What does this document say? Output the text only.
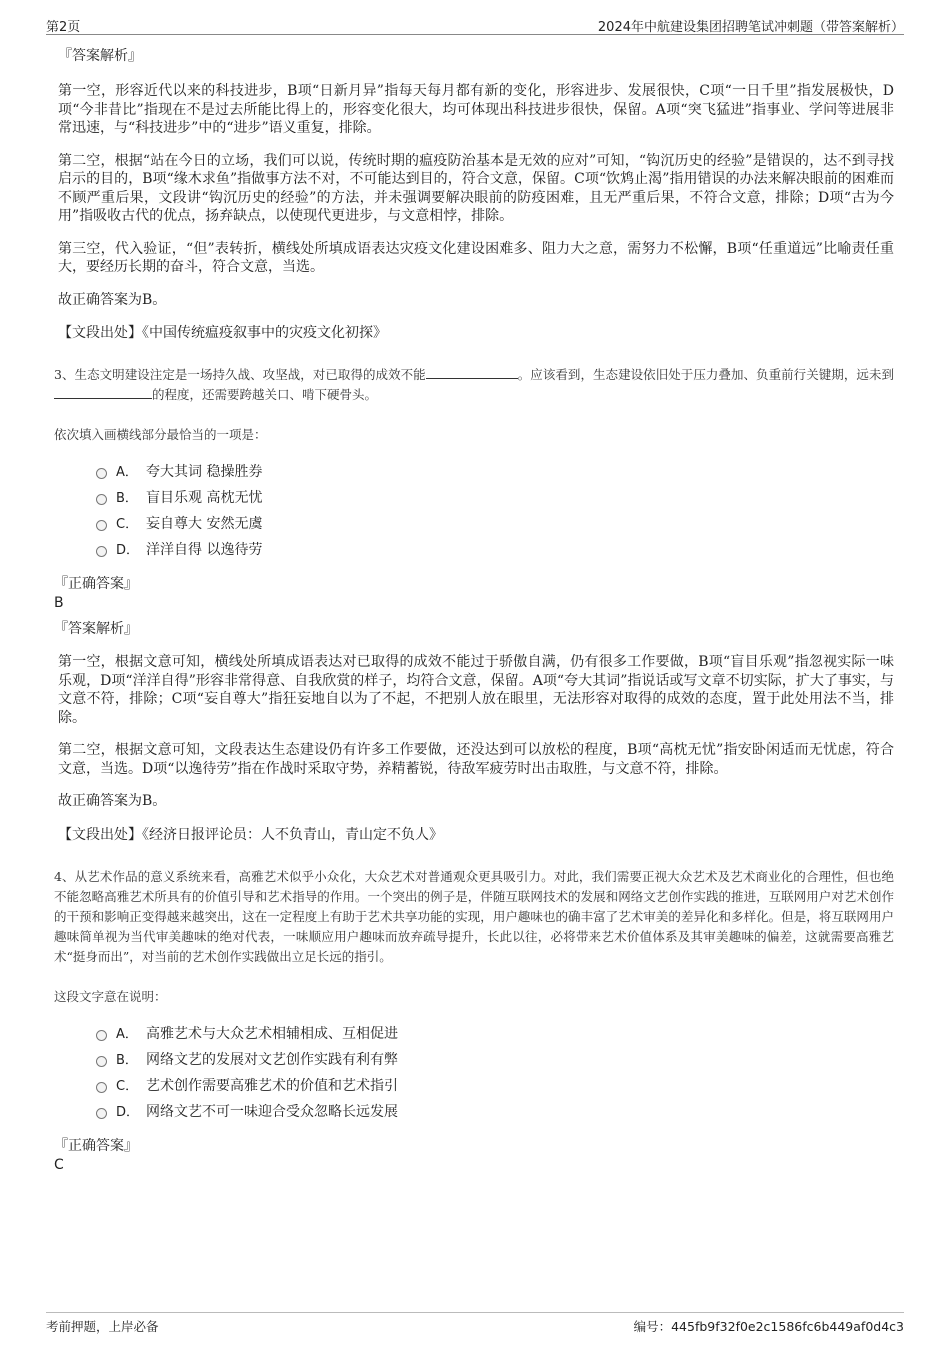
第2页	2024年中航建设集团招聘笔试冲刺题（带答案解析）
『答案解析』

第一空，形容近代以来的科技进步，B项“日新月异”指每天每月都有新的变化，形容进步、发展很快，C项“一日千里”指发展极快，D项“今非昔比”指现在不是过去所能比得上的，形容变化很大，均可体现出科技进步很快，保留。A项“突飞猛进”指事业、学问等进展非常迅速，与“科技进步”中的“进步”语义重复，排除。

第二空，根据“站在今日的立场，我们可以说，传统时期的瘟疫防治基本是无效的应对”可知，“钩沉历史的经验”是错误的，达不到寻找启示的目的，B项“缘木求鱼”指做事方法不对，不可能达到目的，符合文意，保留。C项“饮鸩止渴”指用错误的办法来解决眼前的困难而不顾严重后果，文段讲“钩沉历史的经验”的方法，并未强调要解决眼前的防疫困难，且无严重后果，不符合文意，排除；D项“古为今用”指吸收古代的优点，扬弃缺点，以使现代更进步，与文意相悖，排除。

第三空，代入验证，“但”表转折，横线处所填成语表达灾疫文化建设困难多、阻力大之意，需努力不松懈，B项“任重道远”比喻责任重大，要经历长期的奋斗，符合文意，当选。

故正确答案为B。

【文段出处】《中国传统瘟疫叙事中的灾疫文化初探》
3、生态文明建设注定是一场持久战、攻坚战，对已取得的成效不能	。应该看到，生态建设依旧处于压力叠加、负重前行关键期，远未到的程度，还需要跨越关口、啃下硬骨头。
依次填入画横线部分最恰当的一项是：
A． 夸大其词 稳操胜券
B． 盲目乐观 高枕无忧
C． 妄自尊大 安然无虞
D． 洋洋自得 以逸待劳
『正确答案』
B
『答案解析』

第一空，根据文意可知，横线处所填成语表达对已取得的成效不能过于骄傲自满，仍有很多工作要做，B项“盲目乐观”指忽视实际一味乐观，D项“洋洋自得”形容非常得意、自我欣赏的样子，均符合文意，保留。A项“夸大其词”指说话或写文章不切实际，扩大了事实，与文意不符，排除；C项“妄自尊大”指狂妄地自以为了不起，不把别人放在眼里，无法形容对取得的成效的态度，置于此处用法不当，排除。

第二空，根据文意可知，文段表达生态建设仍有许多工作要做，还没达到可以放松的程度，B项“高枕无忧”指安卧闲适而无忧虑，符合文意，当选。D项“以逸待劳”指在作战时采取守势，养精蓄锐，待敌军疲劳时出击取胜，与文意不符，排除。

故正确答案为B。

【文段出处】《经济日报评论员：人不负青山，青山定不负人》
4、从艺术作品的意义系统来看，高雅艺术似乎小众化，大众艺术对普通观众更具吸引力。对此，我们需要正视大众艺术及艺术商业化的合理性，但也绝不能忽略高雅艺术所具有的价值引导和艺术指导的作用。一个突出的例子是，伴随互联网技术的发展和网络文艺创作实践的推进，互联网用户对艺术创作的干预和影响正变得越来越突出，这在一定程度上有助于艺术共享功能的实现，用户趣味也的确丰富了艺术审美的差异化和多样化。但是，将互联网用户趣味简单视为当代审美趣味的绝对代表，一味顺应用户趣味而放弃疏导提升，长此以往，必将带来艺术价值体系及其审美趣味的偏差，这就需要高雅艺术“挺身而出”，对当前的艺术创作实践做出立足长远的指引。
这段文字意在说明：
A． 高雅艺术与大众艺术相辅相成、互相促进
B． 网络文艺的发展对文艺创作实践有利有弊
C． 艺术创作需要高雅艺术的价值和艺术指引
D． 网络文艺不可一味迎合受众忽略长远发展
『正确答案』
C
考前押题，上岸必备	编号：445fb9f32f0e2c1586fc6b449af0d4c3
